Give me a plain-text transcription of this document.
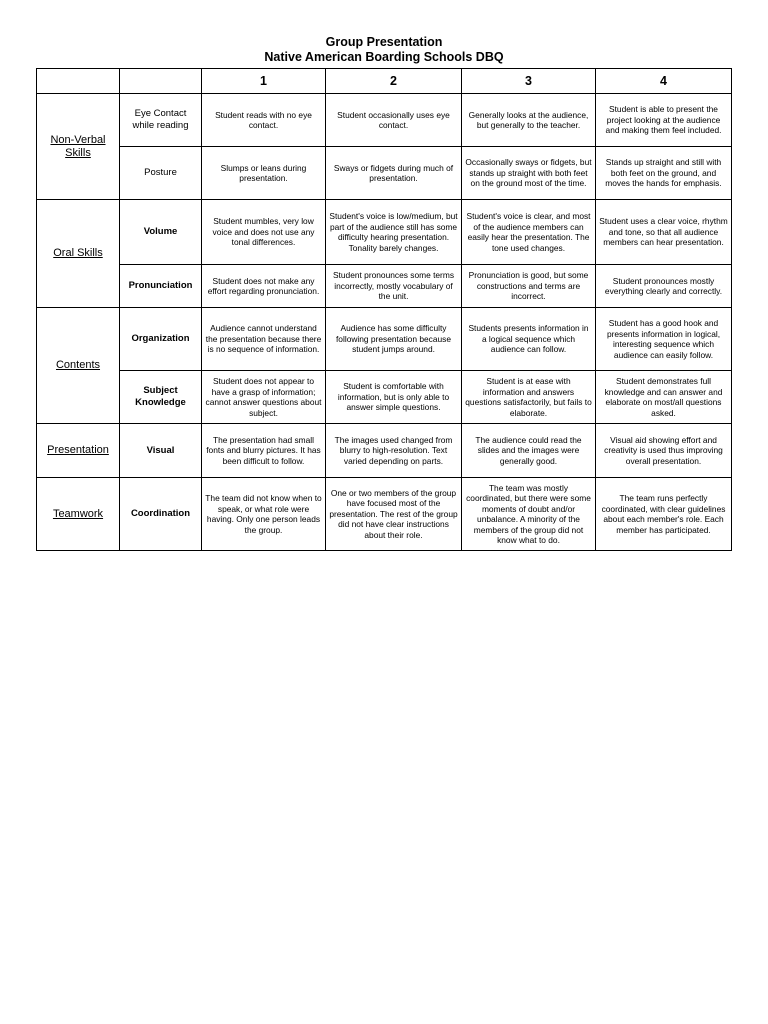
Group Presentation
Native American Boarding Schools DBQ
		1	2	3	4
Non-Verbal Skills	Eye Contact while reading	Student reads with no eye contact.	Student occasionally uses eye contact.	Generally looks at the audience, but generally to the teacher.	Student is able to present the project looking at the audience and making them feel included.
	Posture	Slumps or leans during presentation.	Sways or fidgets during much of presentation.	Occasionally sways or fidgets, but stands up straight with both feet on the ground most of the time.	Stands up straight and still with both feet on the ground, and moves the hands for emphasis.
Oral Skills	Volume	Student mumbles, very low voice and does not use any tonal differences.	Student's voice is low/medium, but part of the audience still has some difficulty hearing presentation. Tonality barely changes.	Student's voice is clear, and most of the audience members can easily hear the presentation. The tone used changes.	Student uses a clear voice, rhythm and tone, so that all audience members can hear presentation.
	Pronunciation	Student does not make any effort regarding pronunciation.	Student pronounces some terms incorrectly, mostly vocabulary of the unit.	Pronunciation is good, but some constructions and terms are incorrect.	Student pronounces mostly everything clearly and correctly.
Contents	Organization	Audience cannot understand the presentation because there is no sequence of information.	Audience has some difficulty following presentation because student jumps around.	Students presents information in a logical sequence which audience can follow.	Student has a good hook and presents information in logical, interesting sequence which audience can easily follow.
	Subject Knowledge	Student does not appear to have a grasp of information; cannot answer questions about subject.	Student is comfortable with information, but is only able to answer simple questions.	Student is at ease with information and answers questions satisfactorily, but fails to elaborate.	Student demonstrates full knowledge and can answer and elaborate on most/all questions asked.
Presentation	Visual	The presentation had small fonts and blurry pictures. It has been difficult to follow.	The images used changed from blurry to high-resolution. Text varied depending on parts.	The audience could read the slides and the images were generally good.	Visual aid showing effort and creativity is used thus improving overall presentation.
Teamwork	Coordination	The team did not know when to speak, or what role were having. Only one person leads the group.	One or two members of the group have focused most of the presentation. The rest of the group did not have clear instructions about their role.	The team was mostly coordinated, but there were some moments of doubt and/or unbalance. A minority of the members of the group did not know what to do.	The team runs perfectly coordinated, with clear guidelines about each member's role. Each member has participated.
